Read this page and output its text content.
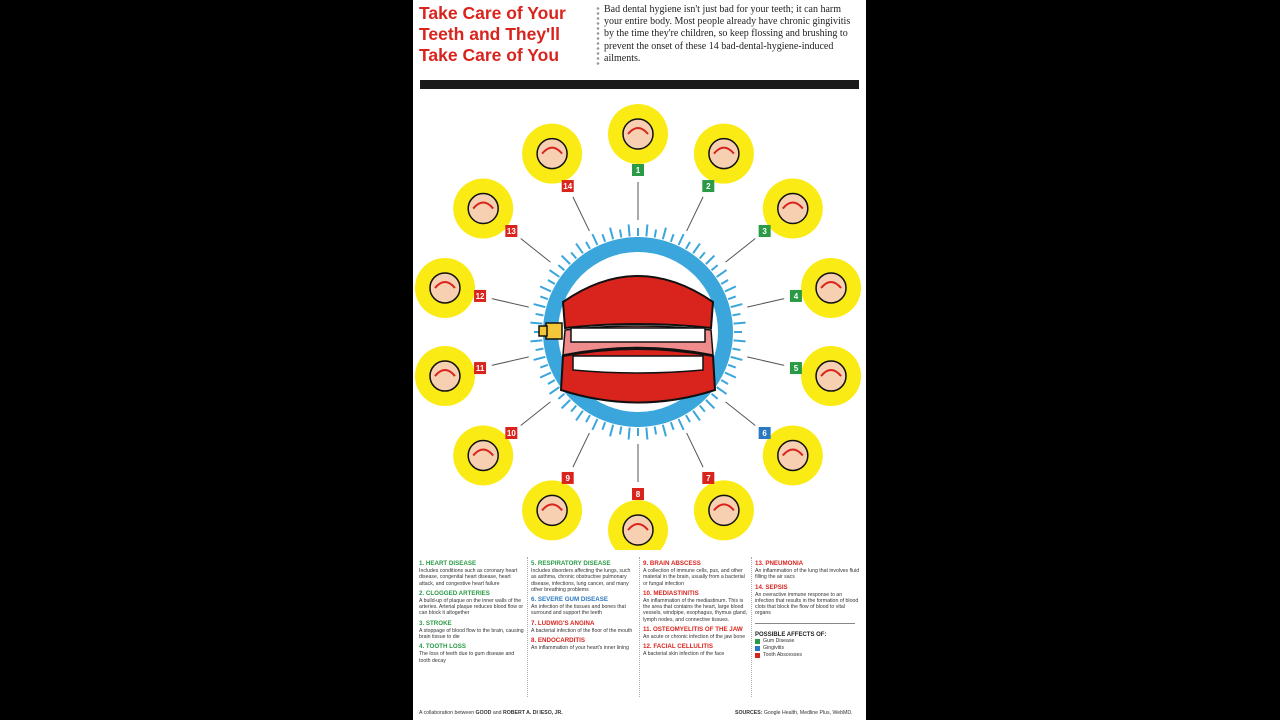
Take Care of Your Teeth and They'll Take Care of You
Bad dental hygiene isn't just bad for your teeth; it can harm your entire body. Most people already have chronic gingivitis by the time they're children, so keep flossing and brushing to prevent the onset of these 14 bad-dental-hygiene-induced ailments.
1
2
3
4
5
6
7
8
9
10
11
12
13
14
1. HEART DISEASE
Includes conditions such as coronary heart disease, congenital heart disease, heart attack, and congestive heart failure
2. CLOGGED ARTERIES
A build-up of plaque on the inner walls of the arteries. Arterial plaque reduces blood flow or can block it altogether
3. STROKE
A stoppage of blood flow to the brain, causing brain tissue to die
4. TOOTH LOSS
The loss of teeth due to gum disease and tooth decay
5. RESPIRATORY DISEASE
Includes disorders affecting the lungs, such as asthma, chronic obstructive pulmonary disease, infections, lung cancer, and many other breathing problems
6. SEVERE GUM DISEASE
An infection of the tissues and bones that surround and support the teeth
7. LUDWIG'S ANGINA
A bacterial infection of the floor of the mouth
8. ENDOCARDITIS
An inflammation of your heart's inner lining
9. BRAIN ABSCESS
A collection of immune cells, pus, and other material in the brain, usually from a bacterial or fungal infection
10. MEDIASTINITIS
An inflammation of the mediastinum. This is the area that contains the heart, large blood vessels, windpipe, esophagus, thymus gland, lymph nodes, and connective tissues.
11. OSTEOMYELITIS OF THE JAW
An acute or chronic infection of the jaw bone
12. FACIAL CELLULITIS
A bacterial skin infection of the face
13. PNEUMONIA
An inflammation of the lung that involves fluid filling the air sacs
14. SEPSIS
An overactive immune response to an infection that results in the formation of blood clots that block the flow of blood to vital organs
POSSIBLE AFFECTS OF:
Gum Disease
Gingivitis
Tooth Abscesses
A collaboration between GOOD and ROBERT A. DI IESO, JR.	SOURCES: Google Health, Medline Plus, WebMD.
